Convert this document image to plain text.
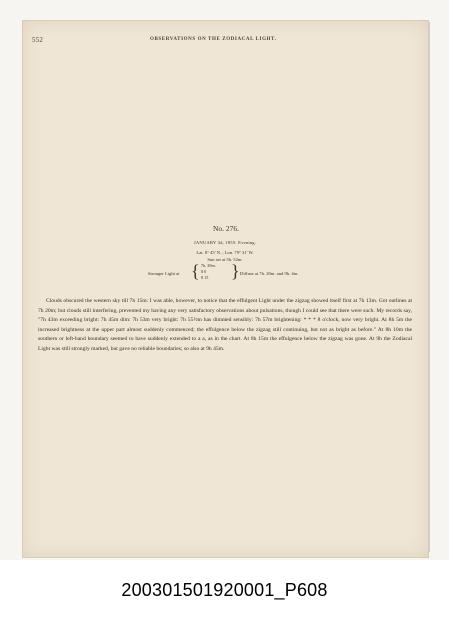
552	OBSERVATIONS ON THE ZODIACAL LIGHT.
No. 276.
JANUARY 3d, 1855: Evening.
Lat. 8° 45' N. ; Lon. 79° 31' W.
Sun set at 5h. 52m.
Stronger Light at { 7h. 29m.
8 0
8 15	} Diffuse at 7h. 20m. and 9h. 4m.
Clouds obscured the western sky till 7h 15m: I was able, however, to notice that the effulgent Light under the zigzag showed itself first at 7h 13m. Got outlines at 7h 20m; but clouds still interfering, prevented my having any very satisfactory observations about pulsations, though I could see that there were such. My records say, "7h 43m exceeding bright: 7h 45m dim: 7h 53m very bright: 7h 55½m has dimmed sensibly: 7h 57m brightening: * * * 8 o'clock, now very bright. At 8h 5m the increased brightness at the upper part almost suddenly commenced; the effulgence below the zigzag still continuing, but not as bright as before." At 8h 10m the southern or left-hand boundary seemed to have suddenly extended to a a, as in the chart. At 8h 15m the effulgence below the zigzag was gone. At 9h the Zodiacal Light was still strongly marked, but gave no reliable boundaries; so also at 9h 45m.
200301501920001_P608
